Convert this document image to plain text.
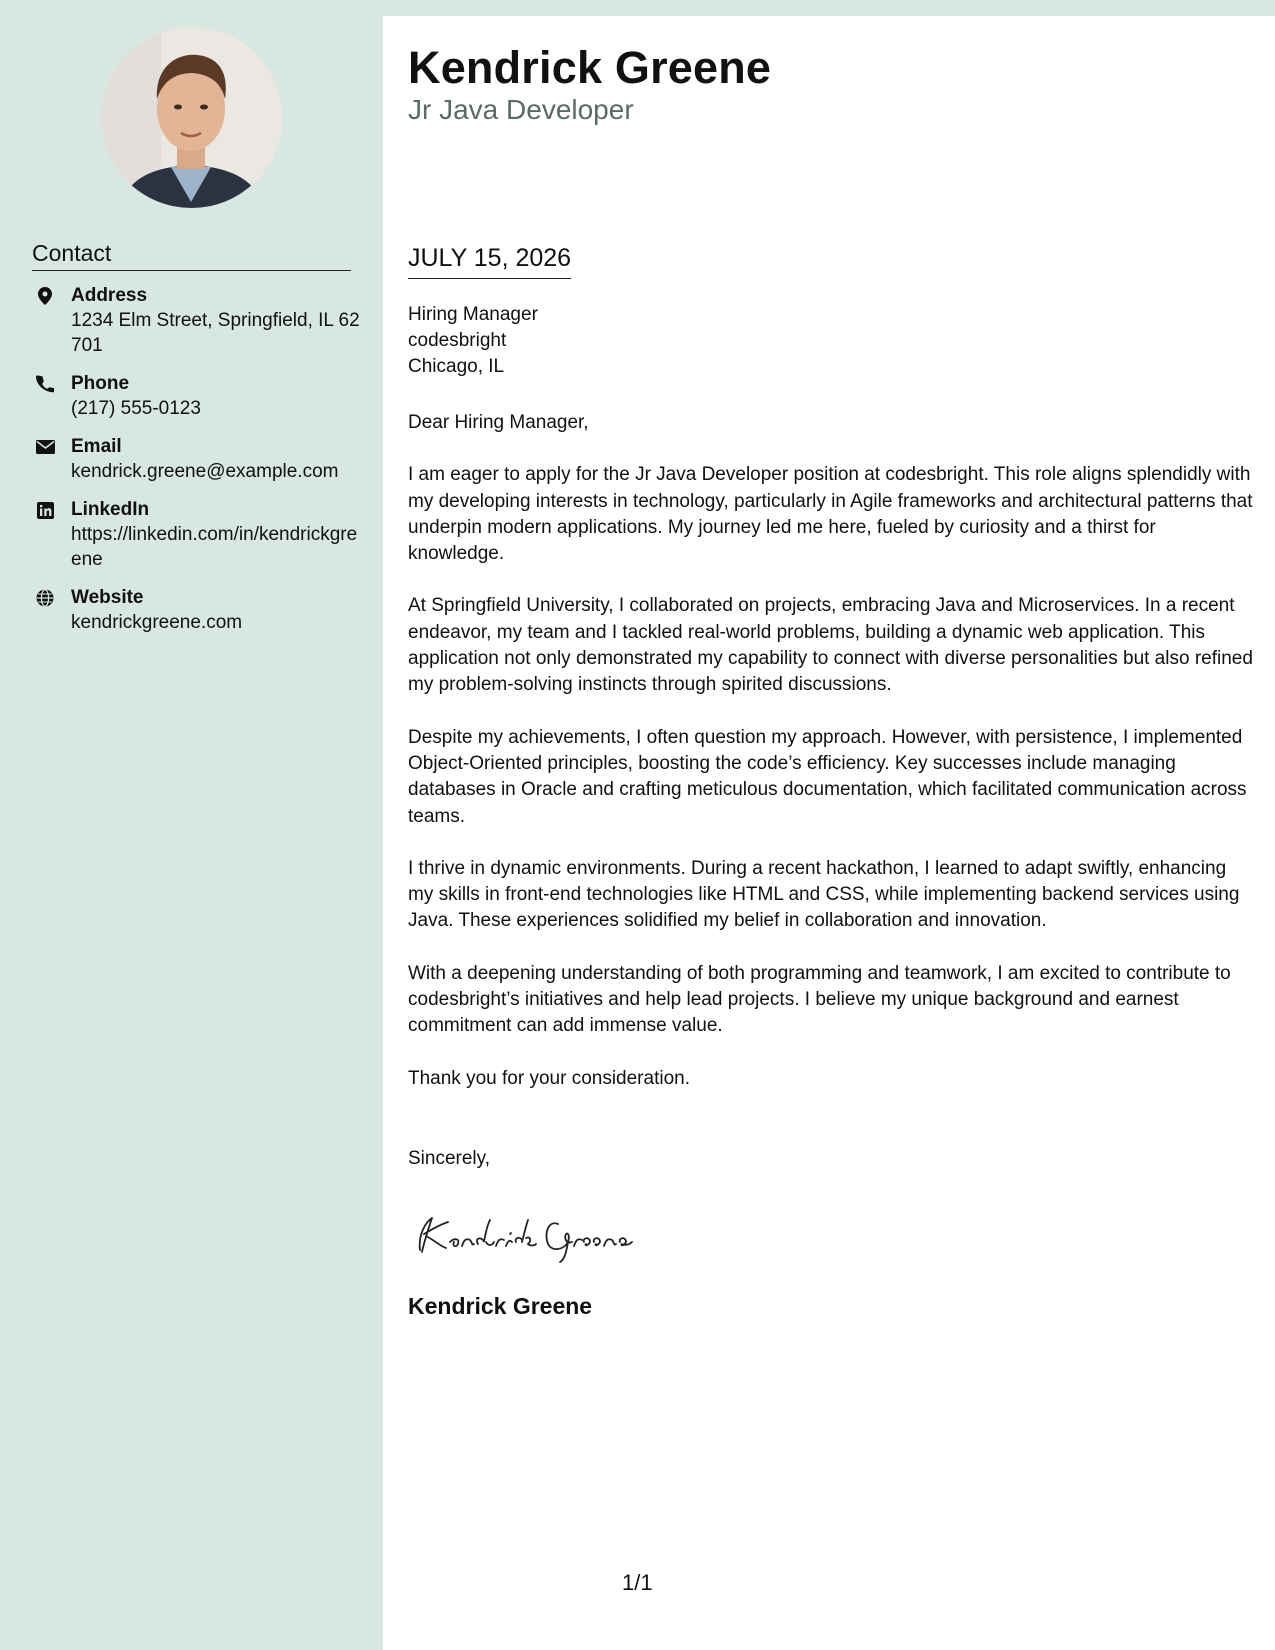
Contact
Address
1234 Elm Street, Springfield, IL 62701
Phone
(217) 555-0123
Email
kendrick.greene@example.com
LinkedIn
https://linkedin.com/in/kendrickgreene
Website
kendrickgreene.com
Kendrick Greene
Jr Java Developer
JULY 15, 2026
Hiring Manager
codesbright
Chicago, IL

Dear Hiring Manager,

I am eager to apply for the Jr Java Developer position at codesbright. This role aligns splendidly with my developing interests in technology, particularly in Agile frameworks and architectural patterns that underpin modern applications. My journey led me here, fueled by curiosity and a thirst for knowledge.

At Springfield University, I collaborated on projects, embracing Java and Microservices. In a recent endeavor, my team and I tackled real-world problems, building a dynamic web application. This application not only demonstrated my capability to connect with diverse personalities but also refined my problem-solving instincts through spirited discussions.

Despite my achievements, I often question my approach. However, with persistence, I implemented Object-Oriented principles, boosting the code’s efficiency. Key successes include managing databases in Oracle and crafting meticulous documentation, which facilitated communication across teams.

I thrive in dynamic environments. During a recent hackathon, I learned to adapt swiftly, enhancing my skills in front-end technologies like HTML and CSS, while implementing backend services using Java. These experiences solidified my belief in collaboration and innovation.

With a deepening understanding of both programming and teamwork, I am excited to contribute to codesbright’s initiatives and help lead projects. I believe my unique background and earnest commitment can add immense value.

Thank you for your consideration.

Sincerely,
Kendrick Greene
1/1
